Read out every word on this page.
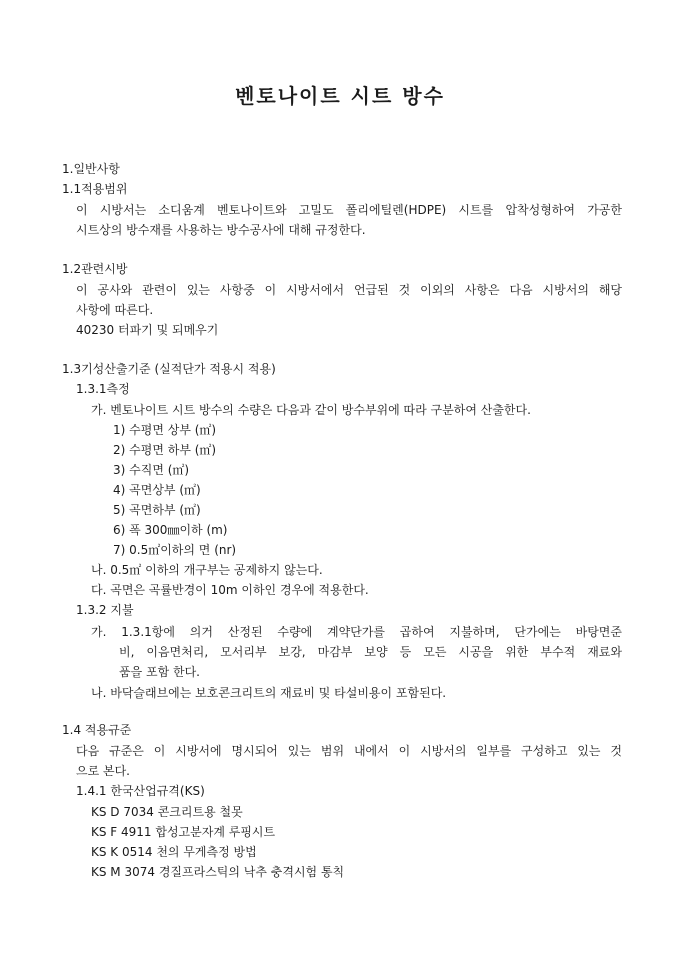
벤토나이트 시트 방수
1.일반사항
1.1적용범위
이 시방서는 소디움계 벤토나이트와 고밀도 폴리에틸렌(HDPE) 시트를 압착성형하여 가공한
시트상의 방수재를 사용하는 방수공사에 대해 규정한다.
1.2관련시방
이 공사와 관련이 있는 사항중 이 시방서에서 언급된 것 이외의 사항은 다음 시방서의 해당
사항에 따른다.
40230 터파기 및 되메우기
1.3기성산출기준 (실적단가 적용시 적용)
1.3.1측정
가. 벤토나이트 시트 방수의 수량은 다음과 같이 방수부위에 따라 구분하여 산출한다.
1) 수평면 상부 (㎡)
2) 수평면 하부 (㎡)
3) 수직면 (㎡)
4) 곡면상부 (㎡)
5) 곡면하부 (㎡)
6) 폭 300㎜이하 (m)
7) 0.5㎡이하의 면 (nr)
나. 0.5㎡ 이하의 개구부는 공제하지 않는다.
다. 곡면은 곡률반경이 10m 이하인 경우에 적용한다.
1.3.2 지불
가. 1.3.1항에 의거 산정된 수량에 계약단가를 곱하여 지불하며, 단가에는 바탕면준
비, 이음면처리, 모서리부 보강, 마감부 보양 등 모든 시공을 위한 부수적 재료와
품을 포함 한다.
나. 바닥슬래브에는 보호콘크리트의 재료비 및 타설비용이 포함된다.
1.4 적용규준
다음 규준은 이 시방서에 명시되어 있는 범위 내에서 이 시방서의 일부를 구성하고 있는 것
으로 본다.
1.4.1 한국산업규격(KS)
KS D 7034 콘크리트용 철못
KS F 4911 합성고분자계 루핑시트
KS K 0514 천의 무게측정 방법
KS M 3074 경질프라스틱의 낙추 충격시험 통칙
